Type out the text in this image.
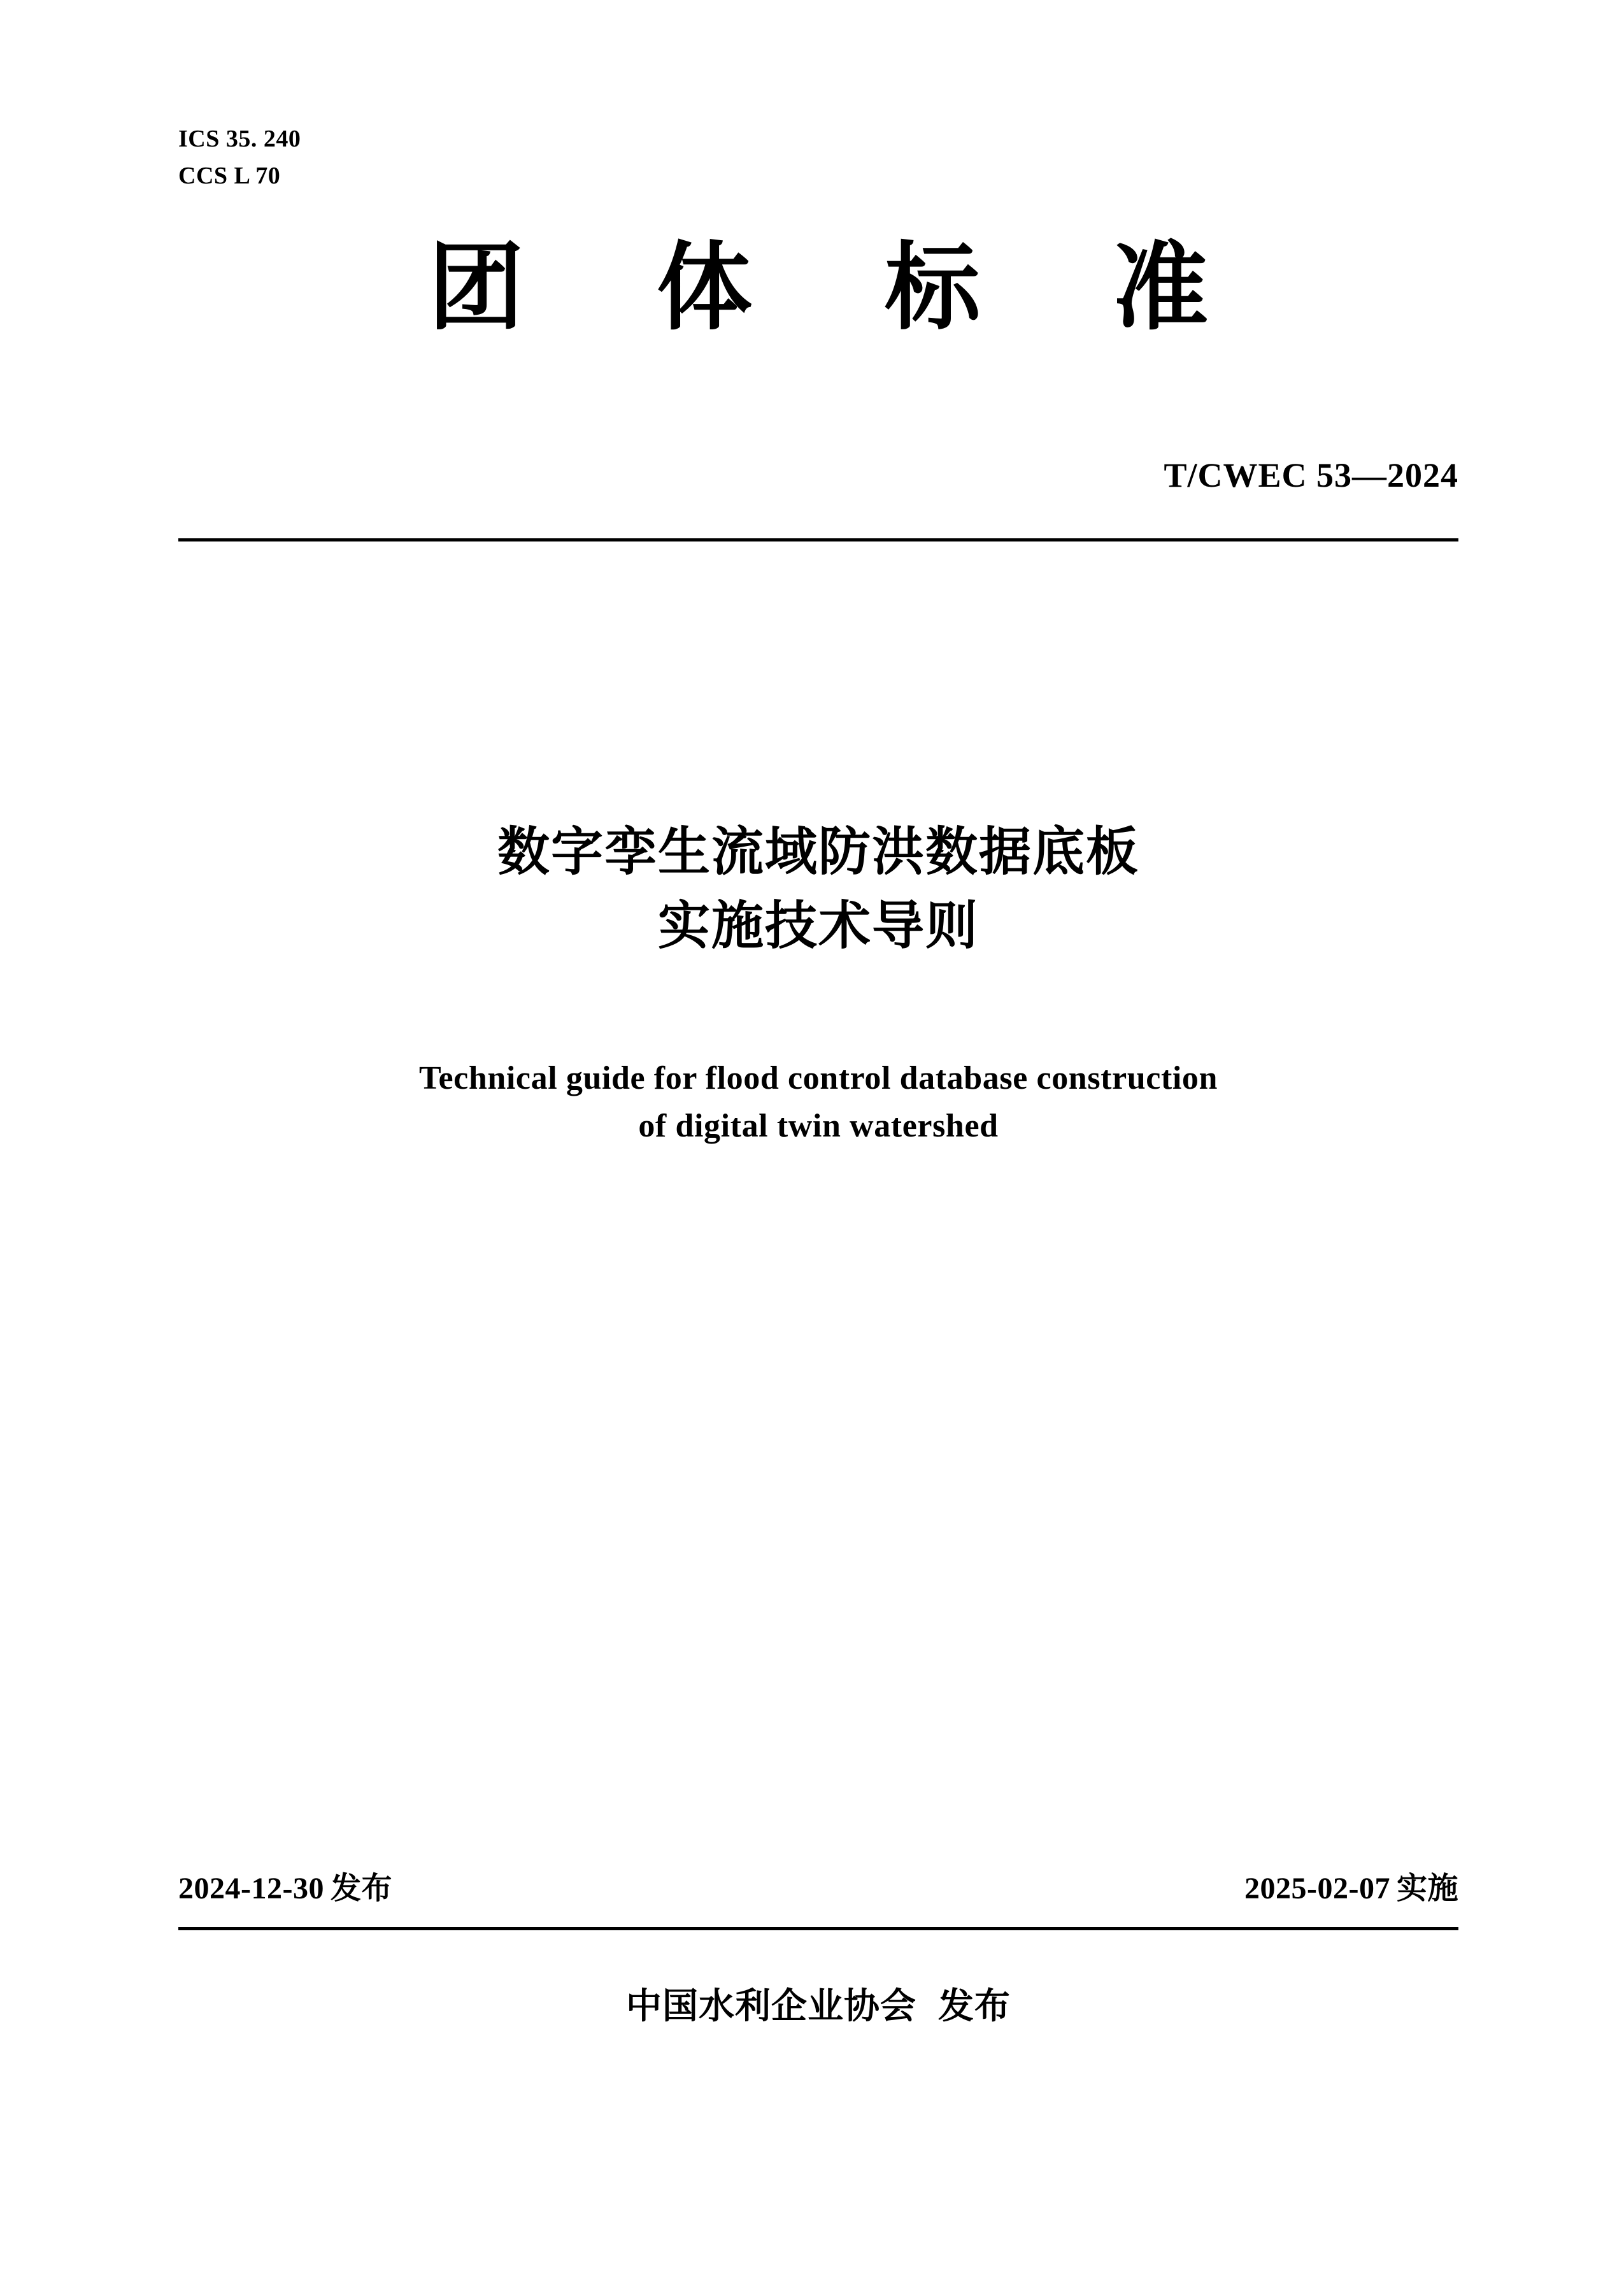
ICS 35. 240
CCS L 70
团 体 标 准
T/CWEC 53—2024
数字孪生流域防洪数据底板
实施技术导则
Technical guide for flood control database construction
of digital twin watershed
2024-12-30 发布	2025-02-07 实施
中国水利企业协会 发布
